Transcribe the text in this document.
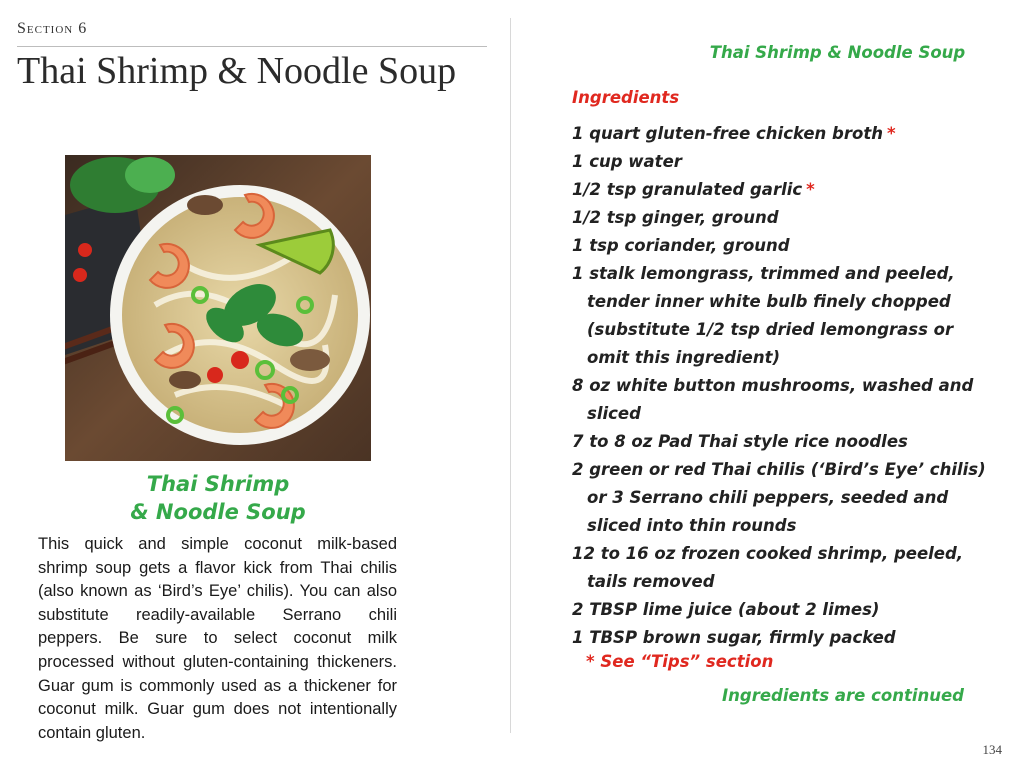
Section 6
Thai Shrimp & Noodle Soup
Thai Shrimp
& Noodle Soup

This quick and simple coconut milk-based shrimp soup gets a flavor kick from Thai chilis (also known as ‘Bird’s Eye’ chilis). You can also substitute readily-available Serrano chili peppers. Be sure to select coconut milk processed without gluten-containing thickeners. Guar gum is commonly used as a thickener for coconut milk. Guar gum does not intentionally contain gluten.

Thai Shrimp & Noodle Soup
Ingredients
1 quart gluten-free chicken broth *
1 cup water
1/2 tsp granulated garlic *
1/2 tsp ginger, ground
1 tsp coriander, ground
1 stalk lemongrass, trimmed and peeled, tender inner white bulb finely chopped (substitute 1/2 tsp dried lemongrass or omit this ingredient)
8 oz white button mushrooms, washed and sliced
7 to 8 oz Pad Thai style rice noodles
2 green or red Thai chilis (‘Bird’s Eye’ chilis) or 3 Serrano chili peppers, seeded and sliced into thin rounds
12 to 16 oz frozen cooked shrimp, peeled, tails removed
2 TBSP lime juice (about 2 limes)
1 TBSP brown sugar, firmly packed
* See “Tips” section
Ingredients are continued
134
